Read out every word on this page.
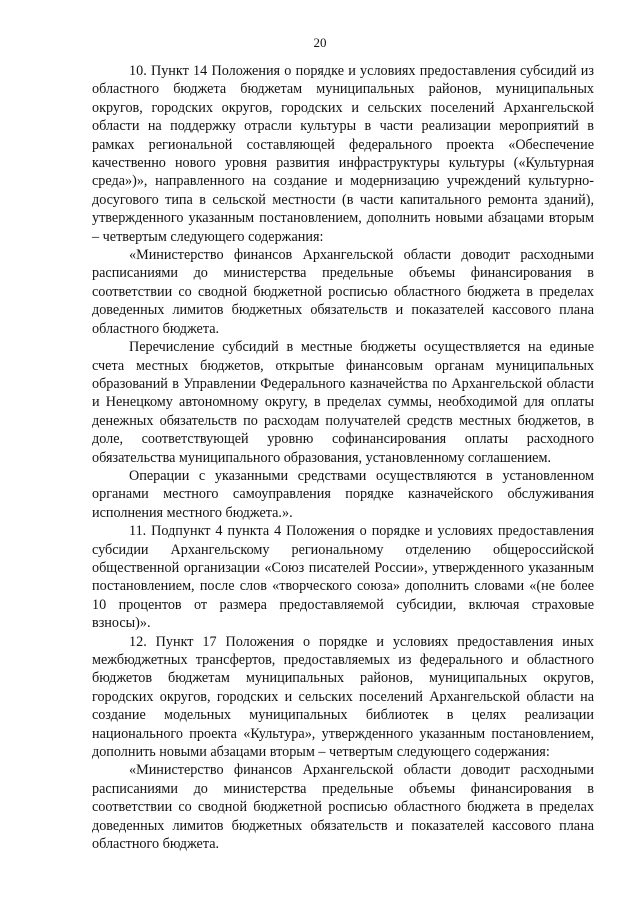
20

10. Пункт 14 Положения о порядке и условиях предоставления субсидий из областного бюджета бюджетам муниципальных районов, муниципальных округов, городских округов, городских и сельских поселений Архангельской области на поддержку отрасли культуры в части реализации мероприятий в рамках региональной составляющей федерального проекта «Обеспечение качественно нового уровня развития инфраструктуры культуры («Культурная среда»)», направленного на создание и модернизацию учреждений культурно-досугового типа в сельской местности (в части капитального ремонта зданий), утвержденного указанным постановлением, дополнить новыми абзацами вторым – четвертым следующего содержания:

«Министерство финансов Архангельской области доводит расходными расписаниями до министерства предельные объемы финансирования в соответствии со сводной бюджетной росписью областного бюджета в пределах доведенных лимитов бюджетных обязательств и показателей кассового плана областного бюджета.

Перечисление субсидий в местные бюджеты осуществляется на единые счета местных бюджетов, открытые финансовым органам муниципальных образований в Управлении Федерального казначейства по Архангельской области и Ненецкому автономному округу, в пределах суммы, необходимой для оплаты денежных обязательств по расходам получателей средств местных бюджетов, в доле, соответствующей уровню софинансирования оплаты расходного обязательства муниципального образования, установленному соглашением.

Операции с указанными средствами осуществляются в установленном органами местного самоуправления порядке казначейского обслуживания исполнения местного бюджета.».

11. Подпункт 4 пункта 4 Положения о порядке и условиях предоставления субсидии Архангельскому региональному отделению общероссийской общественной организации «Союз писателей России», утвержденного указанным постановлением, после слов «творческого союза» дополнить словами «(не более 10 процентов от размера предоставляемой субсидии, включая страховые взносы)».

12. Пункт 17 Положения о порядке и условиях предоставления иных межбюджетных трансфертов, предоставляемых из федерального и областного бюджетов бюджетам муниципальных районов, муниципальных округов, городских округов, городских и сельских поселений Архангельской области на создание модельных муниципальных библиотек в целях реализации национального проекта «Культура», утвержденного указанным постановлением, дополнить новыми абзацами вторым – четвертым следующего содержания:

«Министерство финансов Архангельской области доводит расходными расписаниями до министерства предельные объемы финансирования в соответствии со сводной бюджетной росписью областного бюджета в пределах доведенных лимитов бюджетных обязательств и показателей кассового плана областного бюджета.
